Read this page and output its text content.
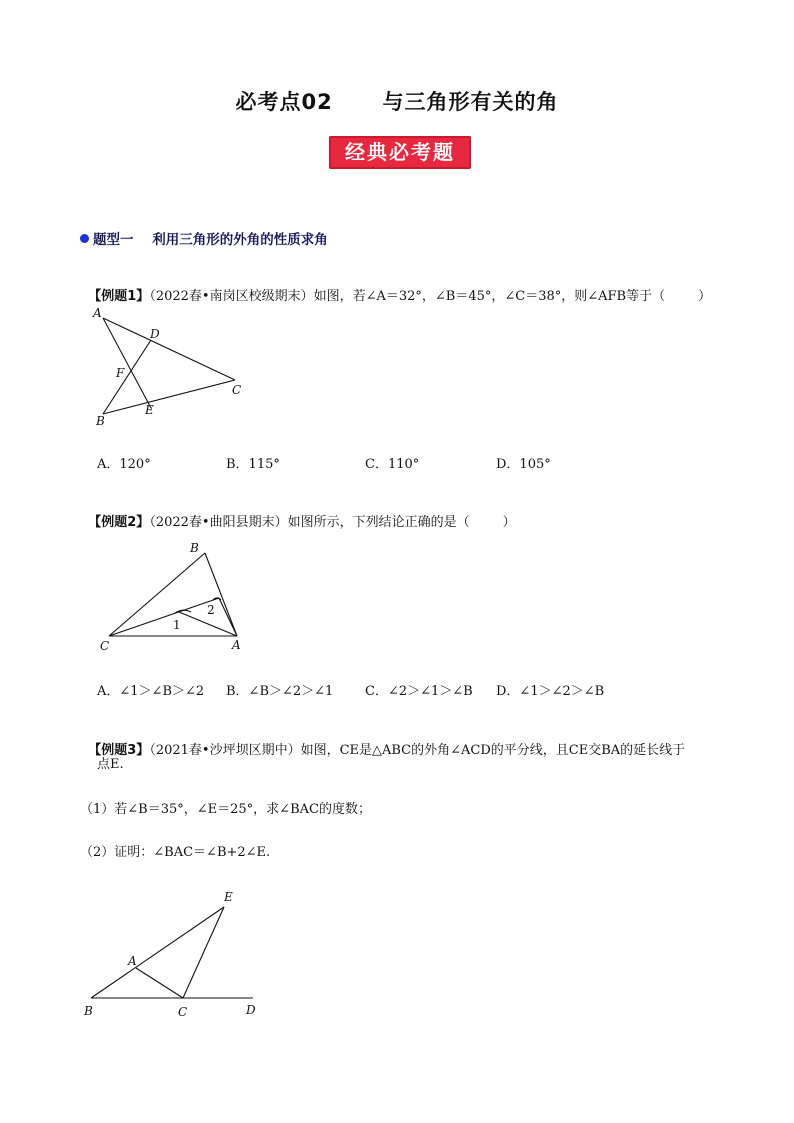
必考点02      与三角形有关的角
经典必考题
题型一    利用三角形的外角的性质求角

【例题1】（2022春•南岗区校级期末）如图，若∠A＝32°，∠B＝45°，∠C＝38°，则∠AFB等于（        ）

A
D
F
C
B
E
A．120°	B．115°	C．110°	D．105°

【例题2】（2022春•曲阳县期末）如图所示，下列结论正确的是（        ）

B
2
1
C	A
A．∠1＞∠B＞∠2 B．∠B＞∠2＞∠1 C．∠2＞∠1＞∠B D．∠1＞∠2＞∠B

【例题3】（2021春•沙坪坝区期中）如图，CE是△ABC的外角∠ACD的平分线，且CE交BA的延长线于

点E.
（1）若∠B＝35°，∠E＝25°，求∠BAC的度数；
（2）证明：∠BAC＝∠B+2∠E.
E
A
B	C	D
